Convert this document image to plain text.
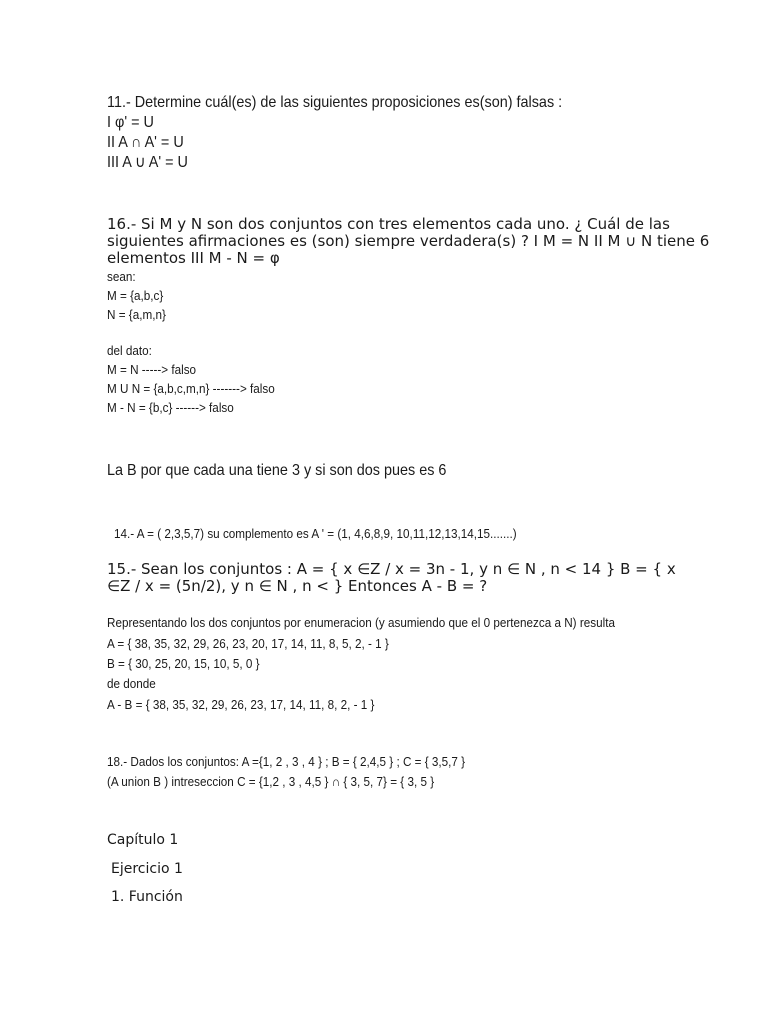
11.- Determine cuál(es) de las siguientes proposiciones es(son) falsas :
I φ' = U
II A ∩ A' = U
III A ∪ A' = U
16.- Si M y N son dos conjuntos con tres elementos cada uno. ¿ Cuál de las
siguientes afirmaciones es (son) siempre verdadera(s) ? I M = N II M ∪ N tiene 6
elementos III M - N = φ
sean:
M = {a,b,c}
N = {a,m,n}
del dato:
M = N -----> falso
M U N = {a,b,c,m,n} -------> falso
M - N = {b,c} ------> falso
La B por que cada una tiene 3 y si son dos pues es 6
14.- A = ( 2,3,5,7) su complemento es A ' = (1, 4,6,8,9, 10,11,12,13,14,15.......)
15.- Sean los conjuntos : A = { x ∈Z / x = 3n - 1, y n ∈ N , n < 14 } B = { x
∈Z / x = (5n/2), y n ∈ N , n < } Entonces A - B = ?
Representando los dos conjuntos por enumeracion (y asumiendo que el 0 pertenezca a N) resulta
A = { 38, 35, 32, 29, 26, 23, 20, 17, 14, 11, 8, 5, 2, - 1 }
B = { 30, 25, 20, 15, 10, 5, 0 }
de donde
A - B = { 38, 35, 32, 29, 26, 23, 17, 14, 11, 8, 2, - 1 }
18.- Dados los conjuntos: A ={1, 2 , 3 , 4 } ; B = { 2,4,5 } ; C = { 3,5,7 }
(A union B ) intreseccion C = {1,2 , 3 , 4,5 } ∩ { 3, 5, 7} = { 3, 5 }
Capítulo 1
Ejercicio 1
1. Función
